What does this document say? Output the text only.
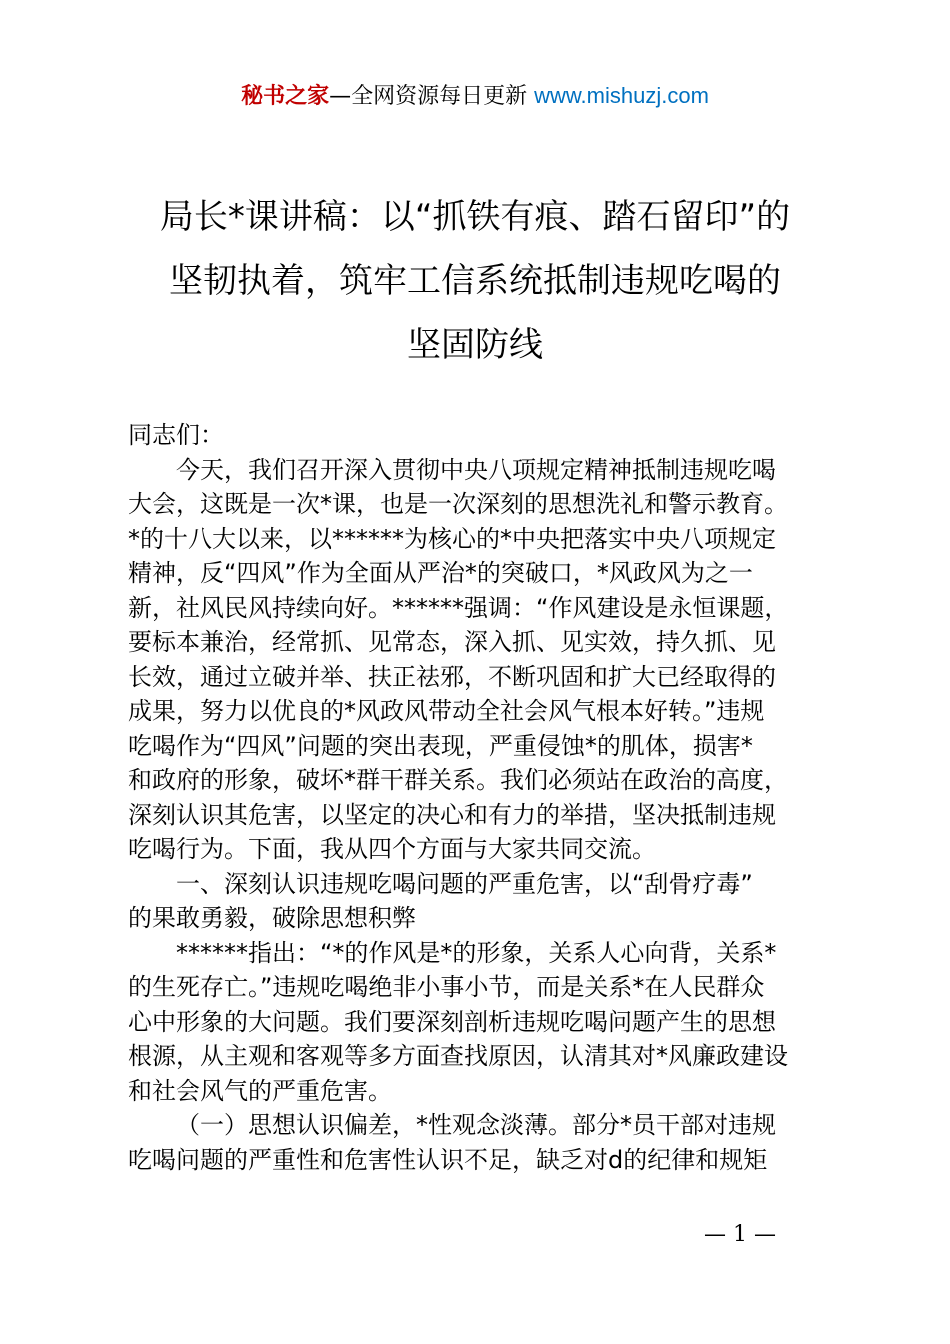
秘书之家—全网资源每日更新 www.mishuzj.com
局长*课讲稿：以“抓铁有痕、踏石留印”的
坚韧执着，筑牢工信系统抵制违规吃喝的
坚固防线

同志们：

今天，我们召开深入贯彻中央八项规定精神抵制违规吃喝
大会，这既是一次*课，也是一次深刻的思想洗礼和警示教育。
*的十八大以来，以******为核心的*中央把落实中央八项规定
精神，反“四风”作为全面从严治*的突破口，*风政风为之一
新，社风民风持续向好。******强调：“作风建设是永恒课题，
要标本兼治，经常抓、见常态，深入抓、见实效，持久抓、见
长效，通过立破并举、扶正祛邪，不断巩固和扩大已经取得的
成果，努力以优良的*风政风带动全社会风气根本好转。”违规
吃喝作为“四风”问题的突出表现，严重侵蚀*的肌体，损害*
和政府的形象，破坏*群干群关系。我们必须站在政治的高度，
深刻认识其危害，以坚定的决心和有力的举措，坚决抵制违规
吃喝行为。下面，我从四个方面与大家共同交流。

一、深刻认识违规吃喝问题的严重危害，以“刮骨疗毒”
的果敢勇毅，破除思想积弊

******指出：“*的作风是*的形象，关系人心向背，关系*
的生死存亡。”违规吃喝绝非小事小节，而是关系*在人民群众
心中形象的大问题。我们要深刻剖析违规吃喝问题产生的思想
根源，从主观和客观等多方面查找原因，认清其对*风廉政建设
和社会风气的严重危害。

（一）思想认识偏差，*性观念淡薄。部分*员干部对违规
吃喝问题的严重性和危害性认识不足，缺乏对d的纪律和规矩

— 1 —
